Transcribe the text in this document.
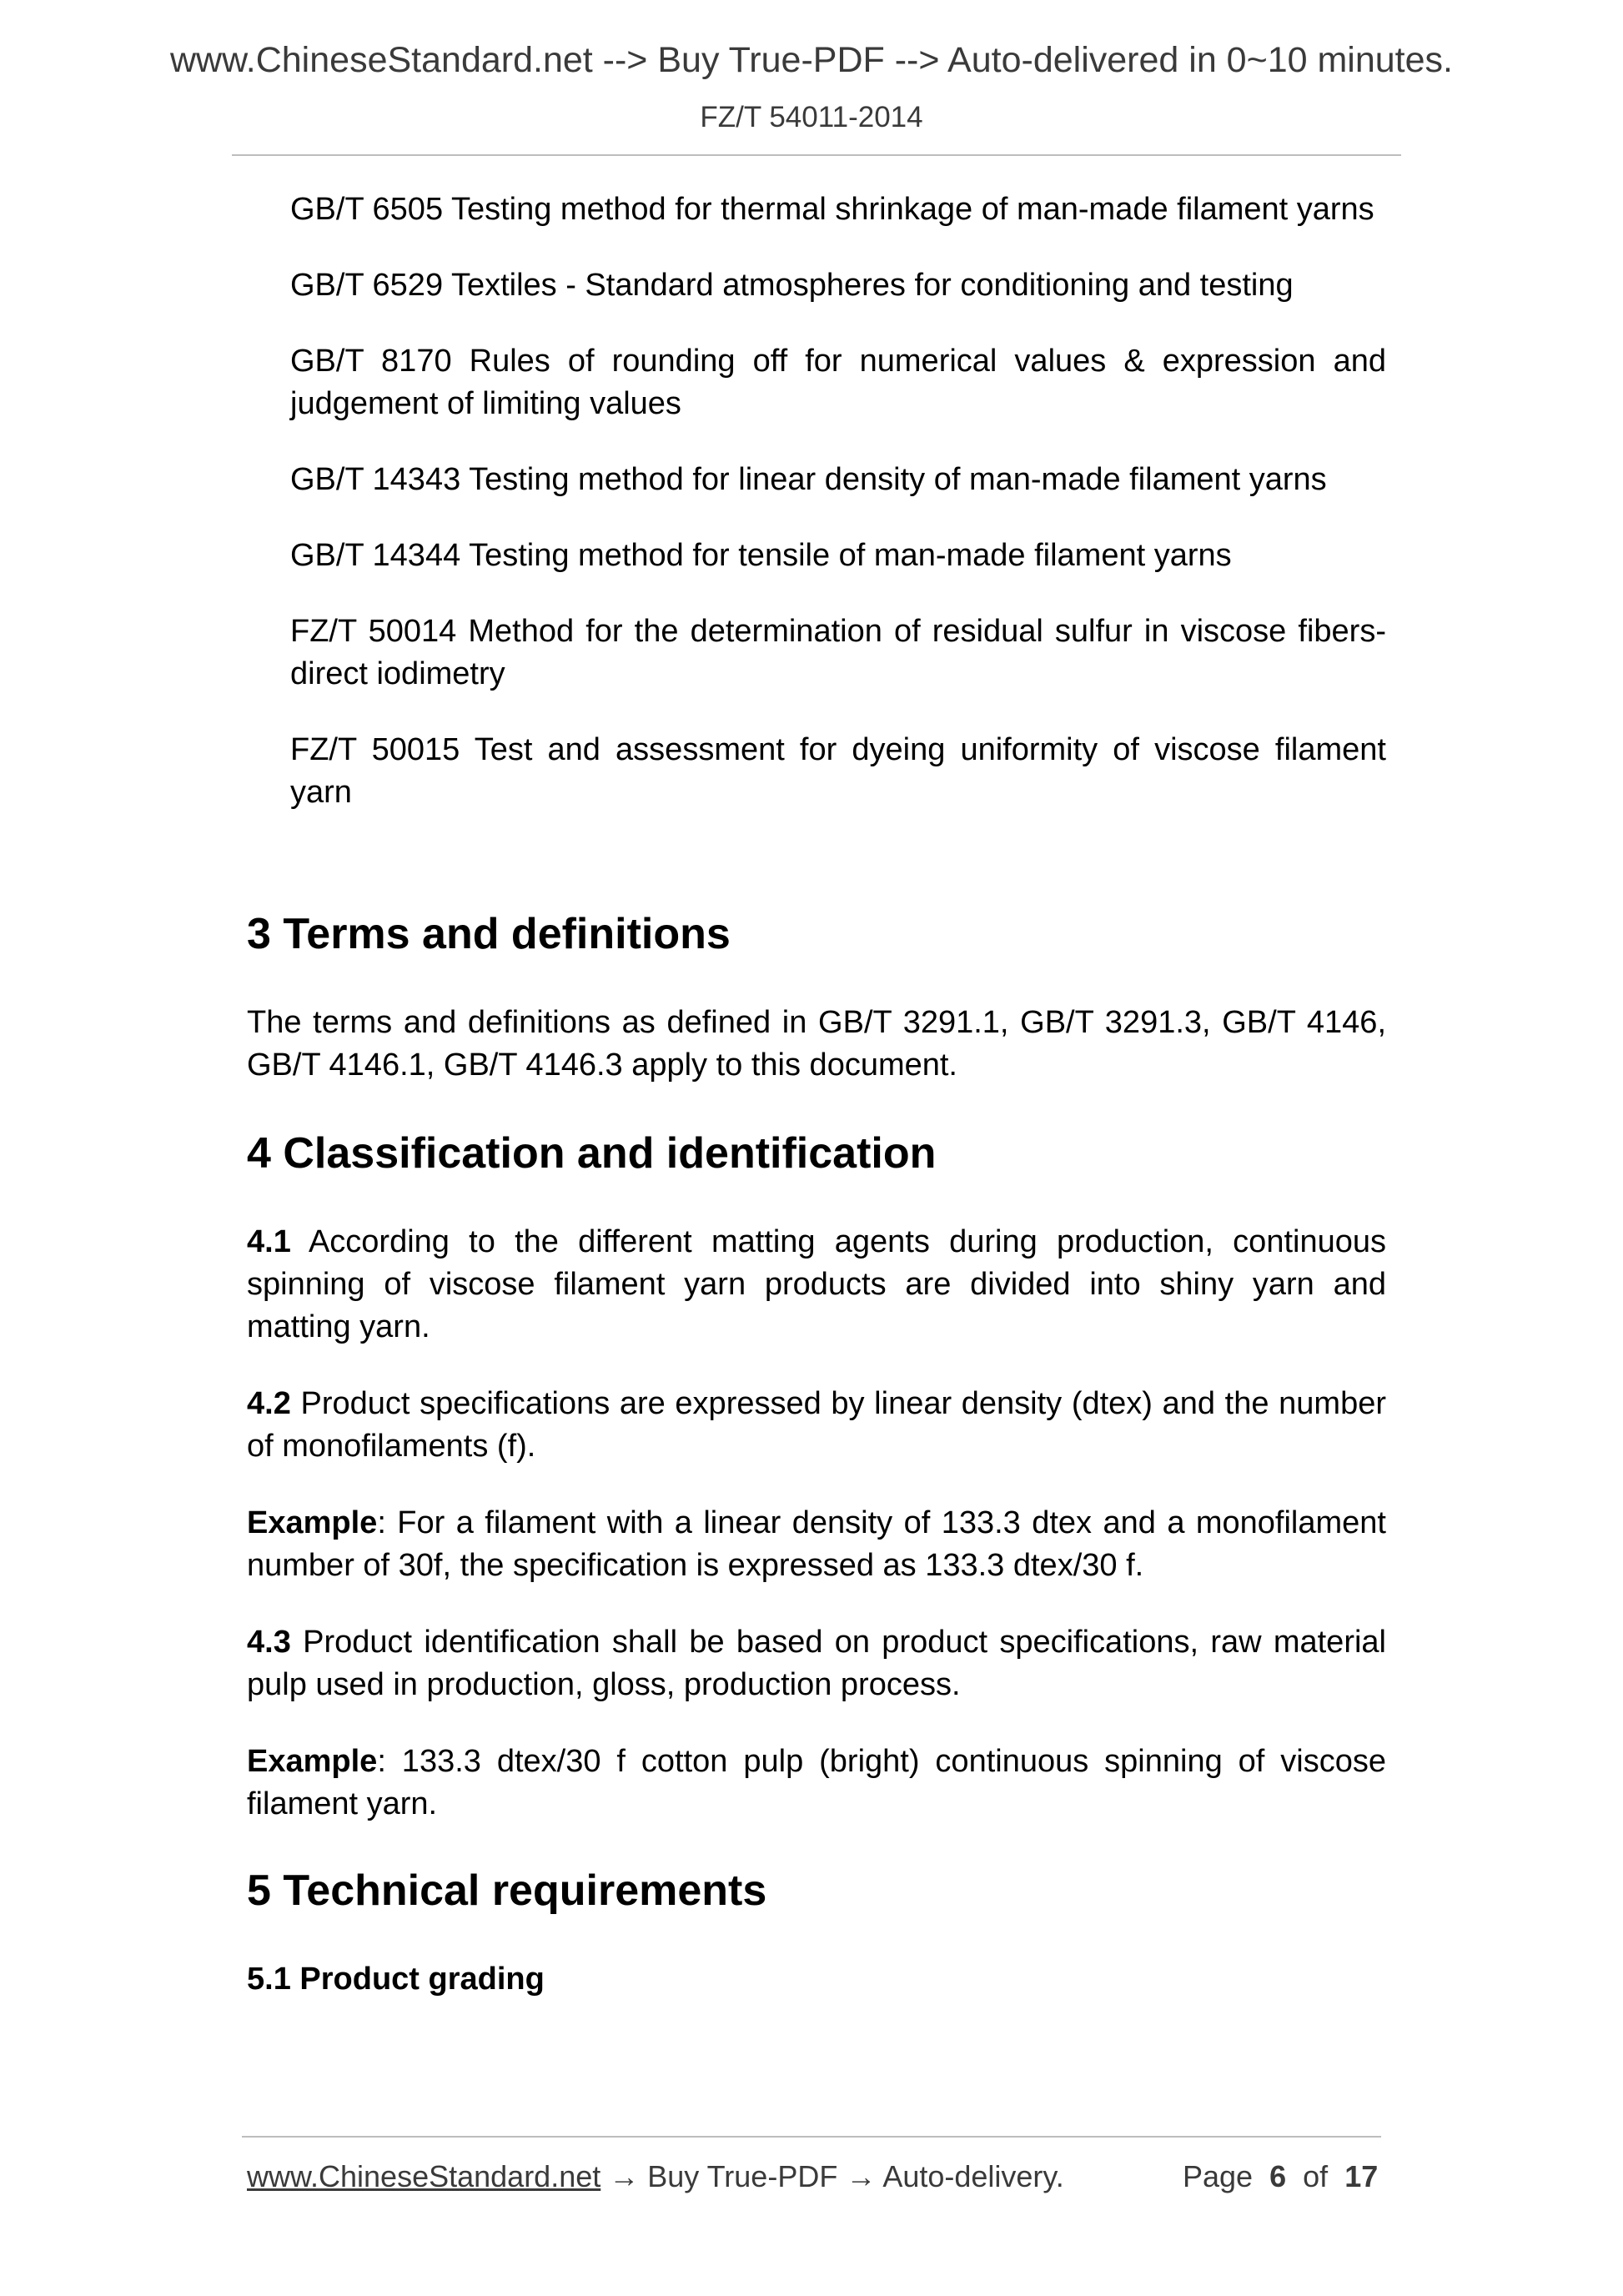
www.ChineseStandard.net --> Buy True-PDF --> Auto-delivered in 0~10 minutes.
FZ/T 54011-2014

GB/T 6505 Testing method for thermal shrinkage of man-made filament yarns

GB/T 6529 Textiles - Standard atmospheres for conditioning and testing

GB/T 8170 Rules of rounding off for numerical values & expression and judgement of limiting values

GB/T 14343 Testing method for linear density of man-made filament yarns

GB/T 14344 Testing method for tensile of man-made filament yarns

FZ/T 50014 Method for the determination of residual sulfur in viscose fibers-direct iodimetry

FZ/T 50015 Test and assessment for dyeing uniformity of viscose filament yarn

3 Terms and definitions

The terms and definitions as defined in GB/T 3291.1, GB/T 3291.3, GB/T 4146, GB/T 4146.1, GB/T 4146.3 apply to this document.

4 Classification and identification

4.1 According to the different matting agents during production, continuous spinning of viscose filament yarn products are divided into shiny yarn and matting yarn.

4.2 Product specifications are expressed by linear density (dtex) and the number of monofilaments (f).

Example: For a filament with a linear density of 133.3 dtex and a monofilament number of 30f, the specification is expressed as 133.3 dtex/30 f.

4.3 Product identification shall be based on product specifications, raw material pulp used in production, gloss, production process.

Example: 133.3 dtex/30 f cotton pulp (bright) continuous spinning of viscose filament yarn.

5 Technical requirements

5.1 Product grading

www.ChineseStandard.net → Buy True-PDF → Auto-delivery.	Page 6 of 17
